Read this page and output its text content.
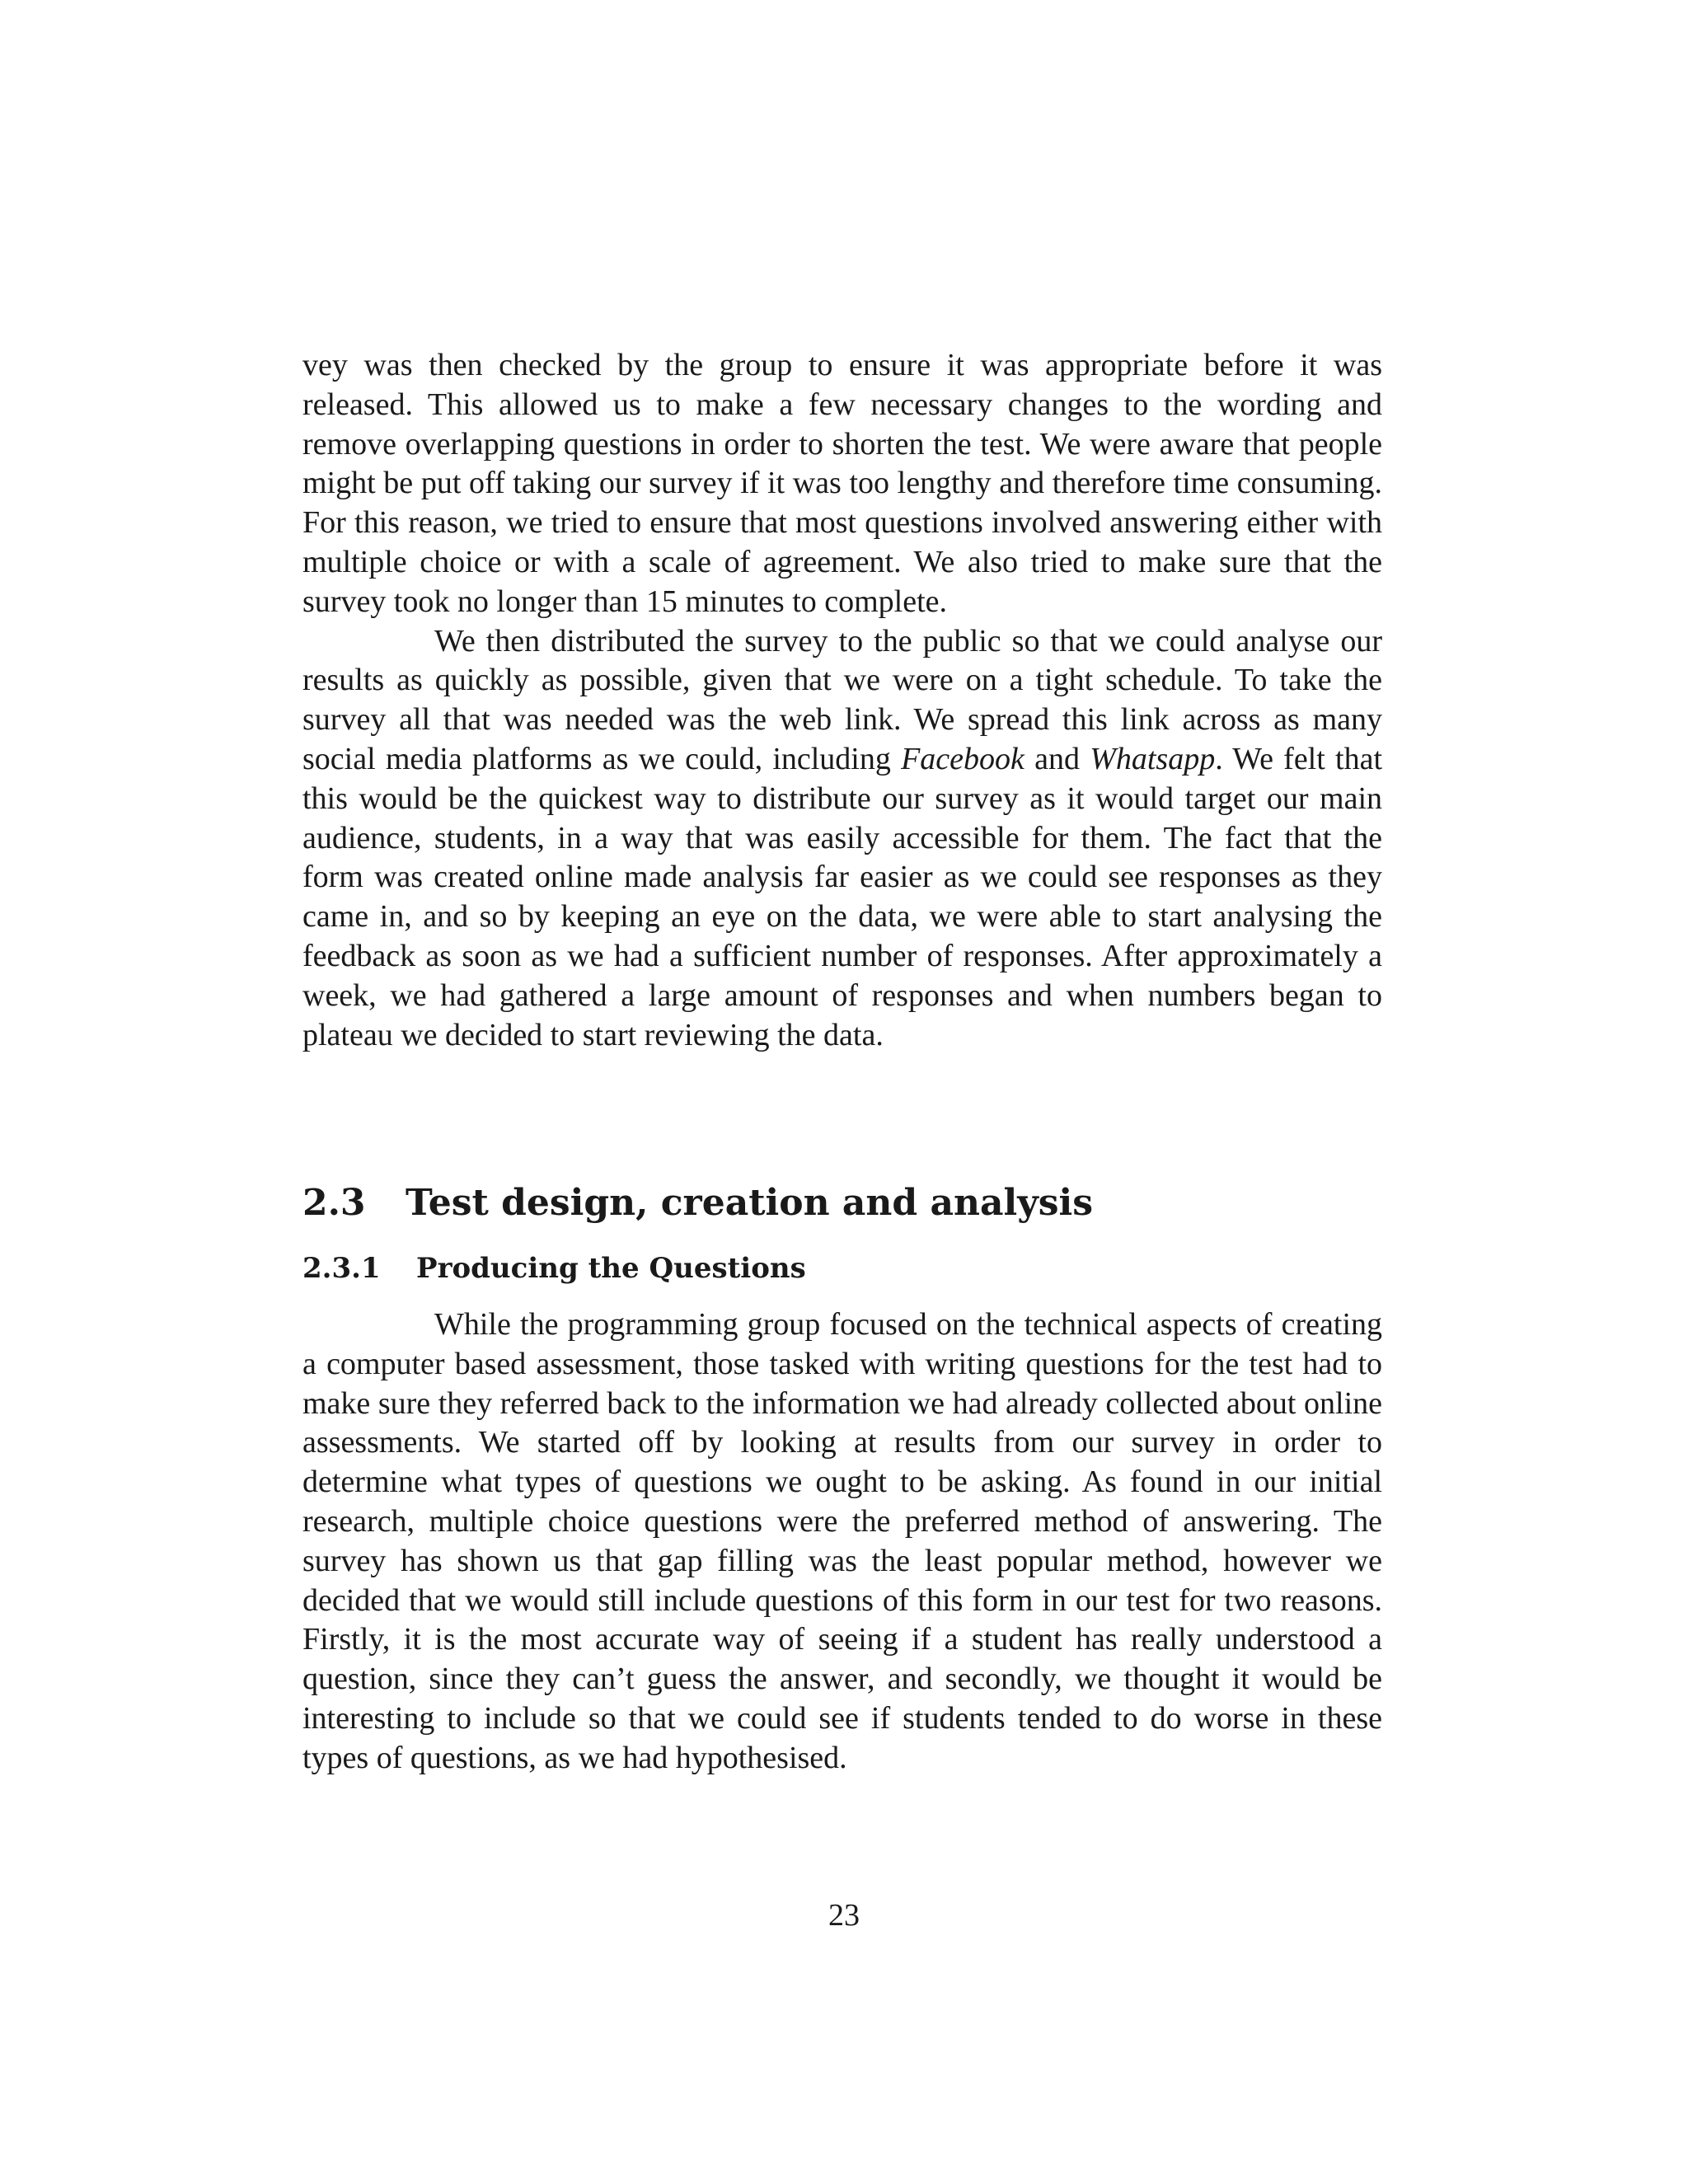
vey was then checked by the group to ensure it was appropriate before it was released. This allowed us to make a few necessary changes to the wording and remove overlapping questions in order to shorten the test. We were aware that people might be put off taking our survey if it was too lengthy and therefore time consuming. For this reason, we tried to ensure that most questions involved answering either with multiple choice or with a scale of agreement. We also tried to make sure that the survey took no longer than 15 minutes to complete.

We then distributed the survey to the public so that we could analyse our results as quickly as possible, given that we were on a tight schedule. To take the survey all that was needed was the web link. We spread this link across as many social media platforms as we could, including Facebook and Whatsapp. We felt that this would be the quickest way to distribute our survey as it would target our main audience, students, in a way that was easily accessible for them. The fact that the form was created online made analysis far easier as we could see responses as they came in, and so by keeping an eye on the data, we were able to start analysing the feedback as soon as we had a sufficient number of responses. After approximately a week, we had gathered a large amount of responses and when numbers began to plateau we decided to start reviewing the data.

2.3 Test design, creation and analysis
2.3.1 Producing the Questions

While the programming group focused on the technical aspects of creating a computer based assessment, those tasked with writing questions for the test had to make sure they referred back to the information we had already collected about online assessments. We started off by looking at results from our survey in order to determine what types of questions we ought to be asking. As found in our initial research, multiple choice questions were the preferred method of answering. The survey has shown us that gap filling was the least popular method, however we decided that we would still include questions of this form in our test for two reasons. Firstly, it is the most accurate way of seeing if a student has really understood a question, since they can’t guess the answer, and secondly, we thought it would be interesting to include so that we could see if students tended to do worse in these types of questions, as we had hypothesised.

23
